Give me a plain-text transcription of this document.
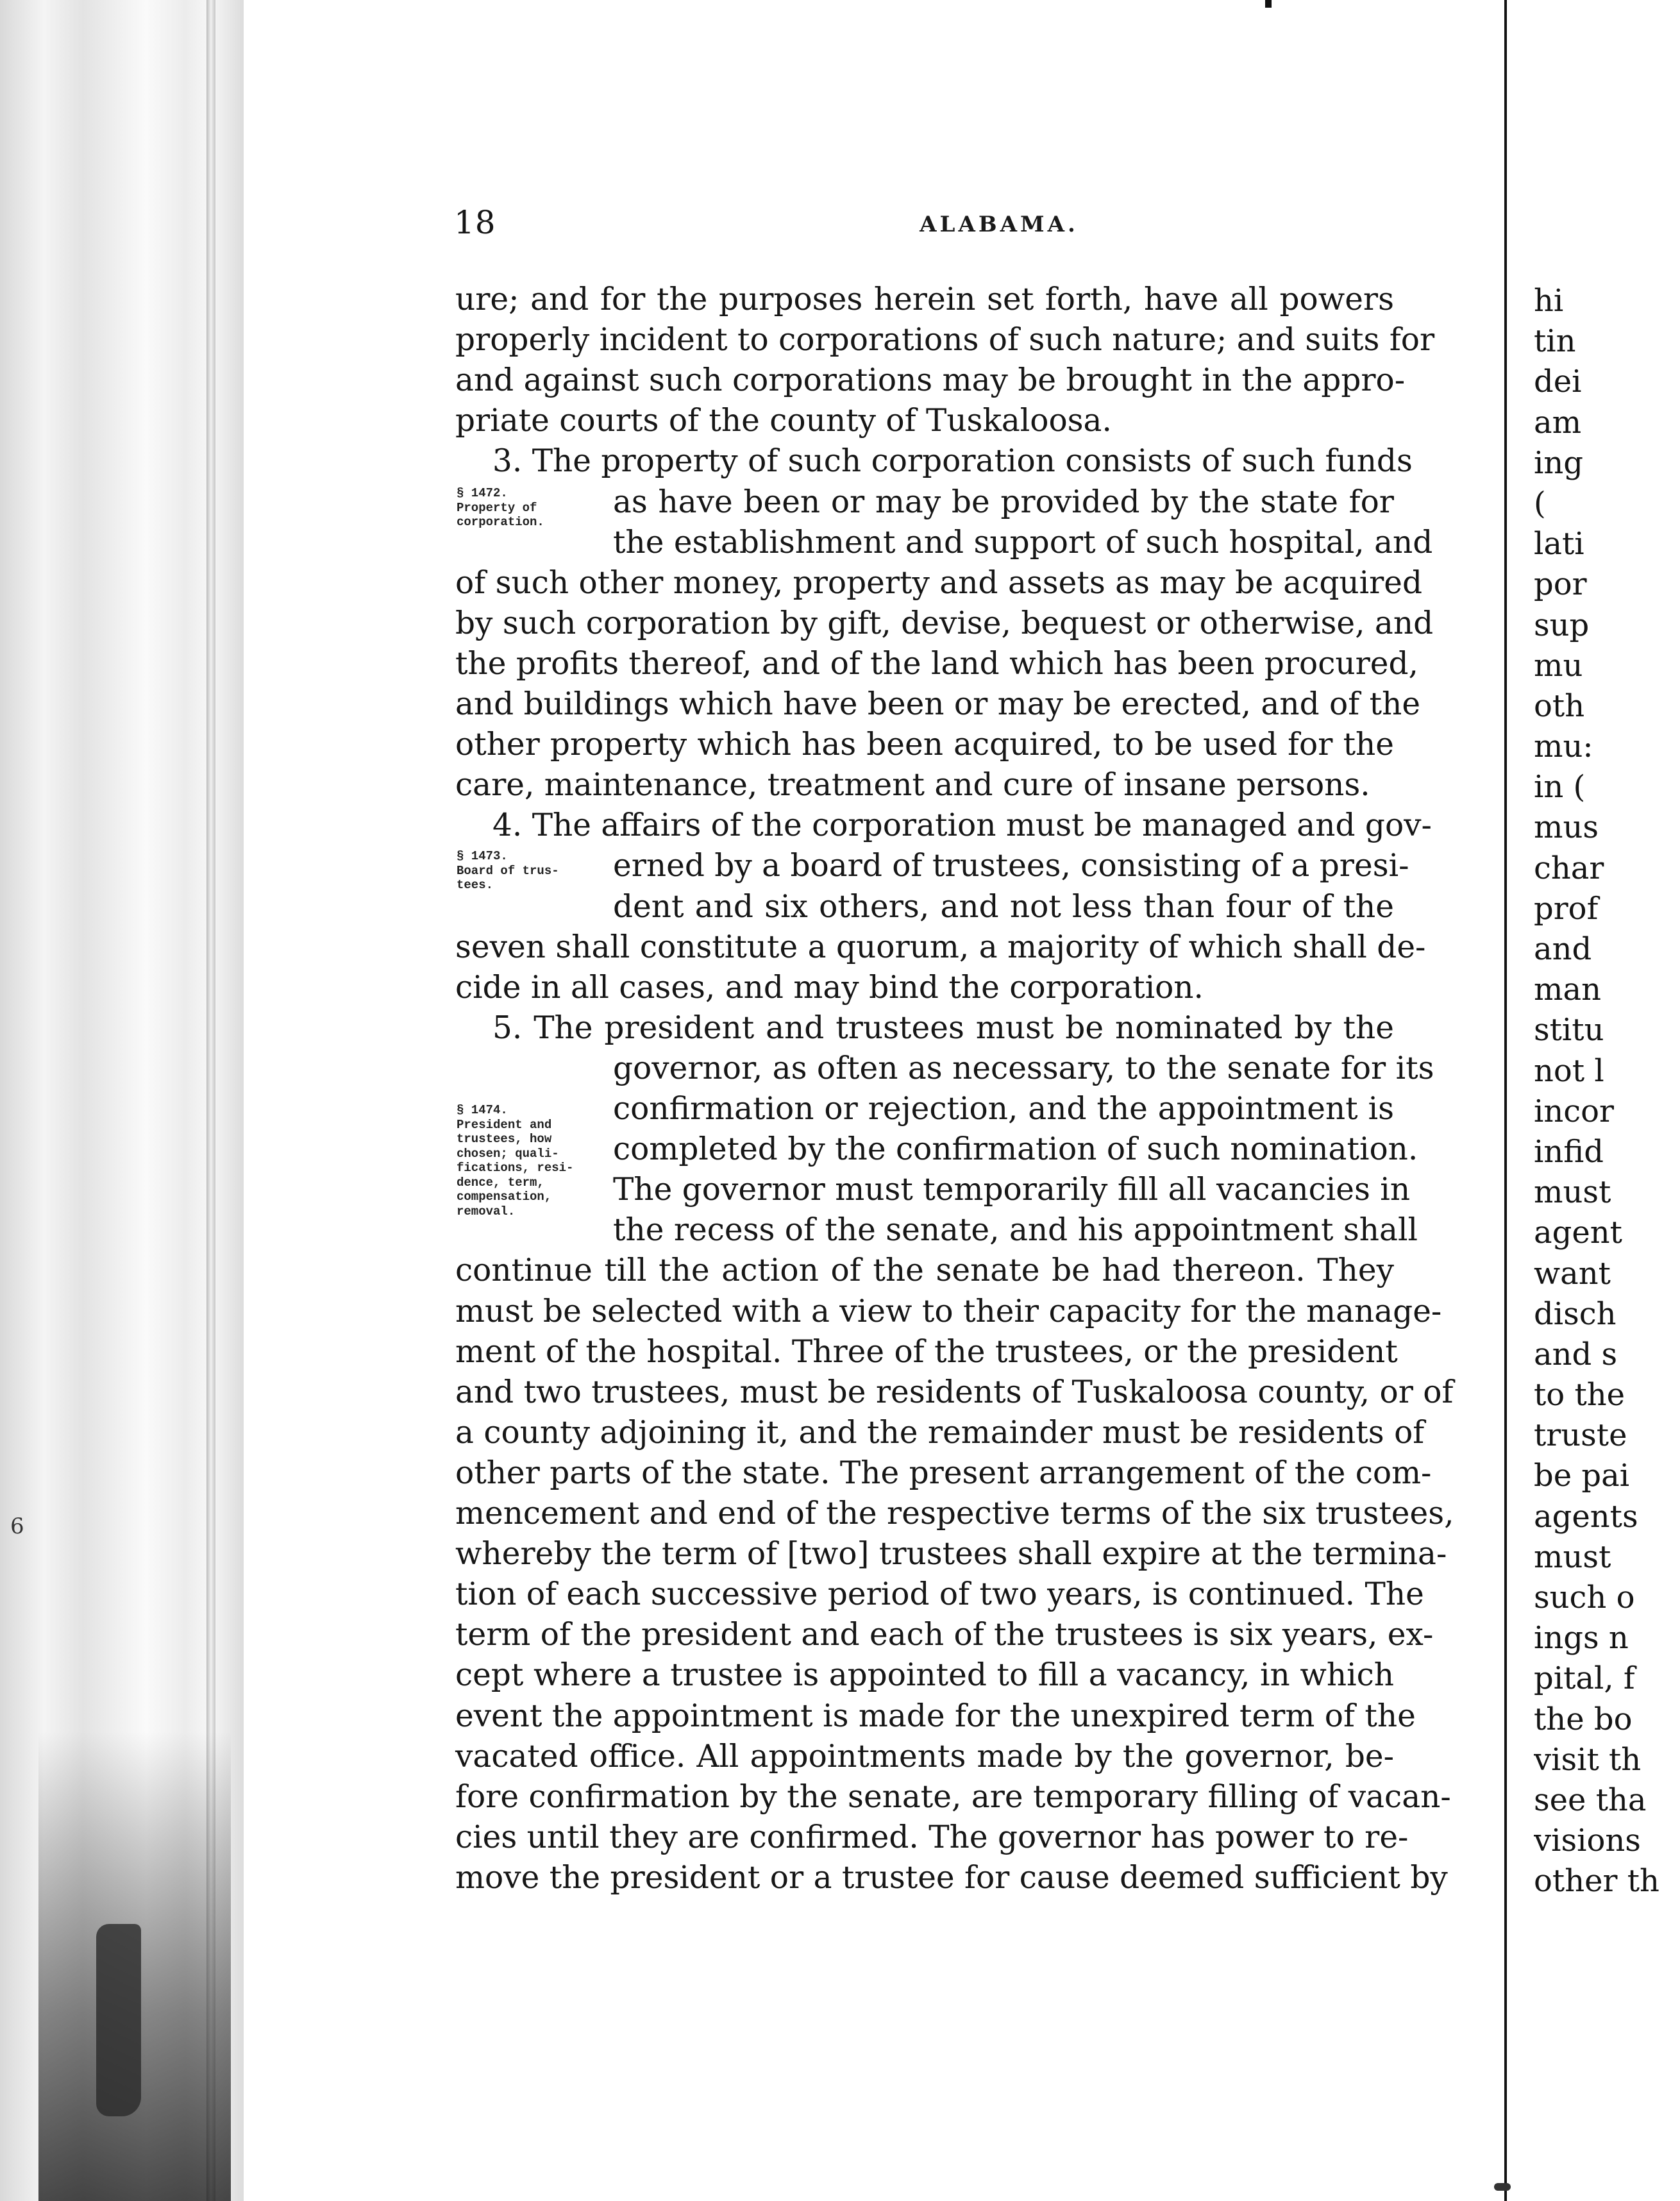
6
18	ALABAMA.
§ 1472.
Property of
corporation.
§ 1473.
Board of trus-
tees.
§ 1474.
President and
trustees, how
chosen; quali-
fications, resi-
dence, term,
compensation,
removal.
ure; and for the purposes herein set forth, have all powers
properly incident to corporations of such nature; and suits for
and against such corporations may be brought in the appro-
priate courts of the county of Tuskaloosa.
3. The property of such corporation consists of such funds
as have been or may be provided by the state for
the establishment and support of such hospital, and
of such other money, property and assets as may be acquired
by such corporation by gift, devise, bequest or otherwise, and
the profits thereof, and of the land which has been procured,
and buildings which have been or may be erected, and of the
other property which has been acquired, to be used for the
care, maintenance, treatment and cure of insane persons.
4. The affairs of the corporation must be managed and gov-
erned by a board of trustees, consisting of a presi-
dent and six others, and not less than four of the
seven shall constitute a quorum, a majority of which shall de-
cide in all cases, and may bind the corporation.
5. The president and trustees must be nominated by the
governor, as often as necessary, to the senate for its
confirmation or rejection, and the appointment is
completed by the confirmation of such nomination.
The governor must temporarily fill all vacancies in
the recess of the senate, and his appointment shall
continue till the action of the senate be had thereon. They
must be selected with a view to their capacity for the manage-
ment of the hospital. Three of the trustees, or the president
and two trustees, must be residents of Tuskaloosa county, or of
a county adjoining it, and the remainder must be residents of
other parts of the state. The present arrangement of the com-
mencement and end of the respective terms of the six trustees,
whereby the term of [two] trustees shall expire at the termina-
tion of each successive period of two years, is continued. The
term of the president and each of the trustees is six years, ex-
cept where a trustee is appointed to fill a vacancy, in which
event the appointment is made for the unexpired term of the
vacated office. All appointments made by the governor, be-
fore confirmation by the senate, are temporary filling of vacan-
cies until they are confirmed. The governor has power to re-
move the president or a trustee for cause deemed sufficient by
hi
tin
dei
am
ing
(
lati
por
sup
mu
oth
mu:
in (
mus
char
prof
and
man
stitu
not l
incor
infid
must
agent
want
disch
and s
to the
truste
be pai
agents
must
such o
ings n
pital, f
the bo
visit th
see tha
visions
other th
